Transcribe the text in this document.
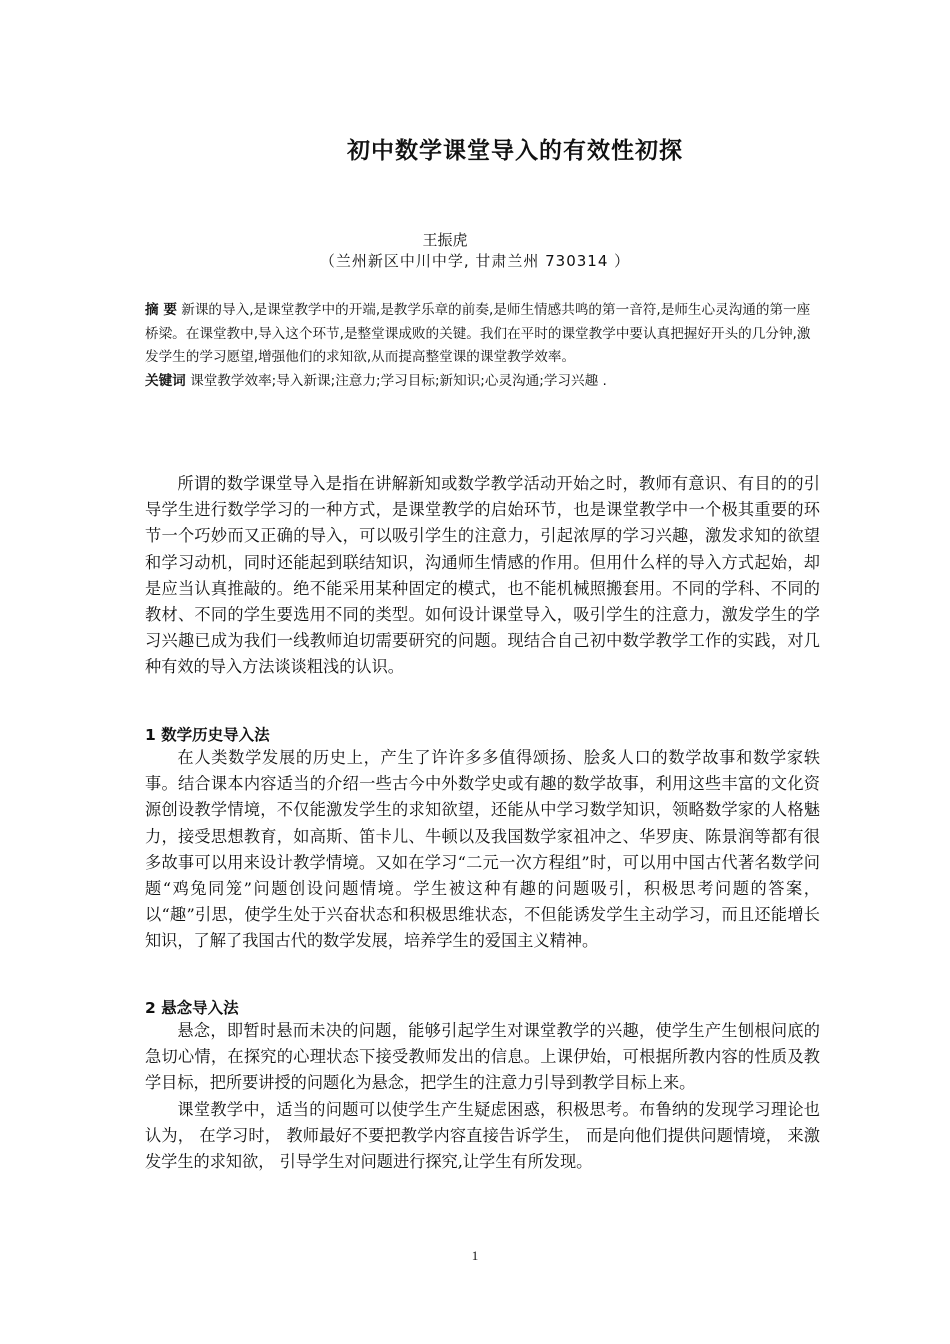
初中数学课堂导入的有效性初探
王振虎
（兰州新区中川中学, 甘肃兰州 730314 ）

摘 要 新课的导入,是课堂教学中的开端,是教学乐章的前奏,是师生情感共鸣的第一音符,是师生心灵沟通的第一座桥梁。在课堂教中,导入这个环节,是整堂课成败的关键。我们在平时的课堂教学中要认真把握好开头的几分钟,激发学生的学习愿望,增强他们的求知欲,从而提高整堂课的课堂教学效率。

关键词 课堂教学效率;导入新课;注意力;学习目标;新知识;心灵沟通;学习兴趣 .

所谓的数学课堂导入是指在讲解新知或数学教学活动开始之时，教师有意识、有目的的引导学生进行数学学习的一种方式，是课堂教学的启始环节，也是课堂教学中一个极其重要的环节一个巧妙而又正确的导入，可以吸引学生的注意力，引起浓厚的学习兴趣，激发求知的欲望和学习动机，同时还能起到联结知识，沟通师生情感的作用。但用什么样的导入方式起始，却是应当认真推敲的。绝不能采用某种固定的模式，也不能机械照搬套用。不同的学科、不同的教材、不同的学生要选用不同的类型。如何设计课堂导入，吸引学生的注意力，激发学生的学习兴趣已成为我们一线教师迫切需要研究的问题。现结合自己初中数学教学工作的实践，对几种有效的导入方法谈谈粗浅的认识。

1 数学历史导入法

在人类数学发展的历史上，产生了许许多多值得颂扬、脍炙人口的数学故事和数学家轶事。结合课本内容适当的介绍一些古今中外数学史或有趣的数学故事，利用这些丰富的文化资源创设教学情境，不仅能激发学生的求知欲望，还能从中学习数学知识，领略数学家的人格魅力，接受思想教育，如高斯、笛卡儿、牛顿以及我国数学家祖冲之、华罗庚、陈景润等都有很多故事可以用来设计教学情境。又如在学习“二元一次方程组”时，可以用中国古代著名数学问题“鸡兔同笼”问题创设问题情境。学生被这种有趣的问题吸引，积极思考问题的答案，以“趣”引思，使学生处于兴奋状态和积极思维状态，不但能诱发学生主动学习，而且还能增长知识，了解了我国古代的数学发展，培养学生的爱国主义精神。

2 悬念导入法

悬念，即暂时悬而未决的问题，能够引起学生对课堂教学的兴趣，使学生产生刨根问底的急切心情，在探究的心理状态下接受教师发出的信息。上课伊始，可根据所教内容的性质及教学目标，把所要讲授的问题化为悬念，把学生的注意力引导到教学目标上来。

课堂教学中，适当的问题可以使学生产生疑虑困惑，积极思考。布鲁纳的发现学习理论也认为， 在学习时， 教师最好不要把教学内容直接告诉学生， 而是向他们提供问题情境， 来激发学生的求知欲， 引导学生对问题进行探究,让学生有所发现。

1
